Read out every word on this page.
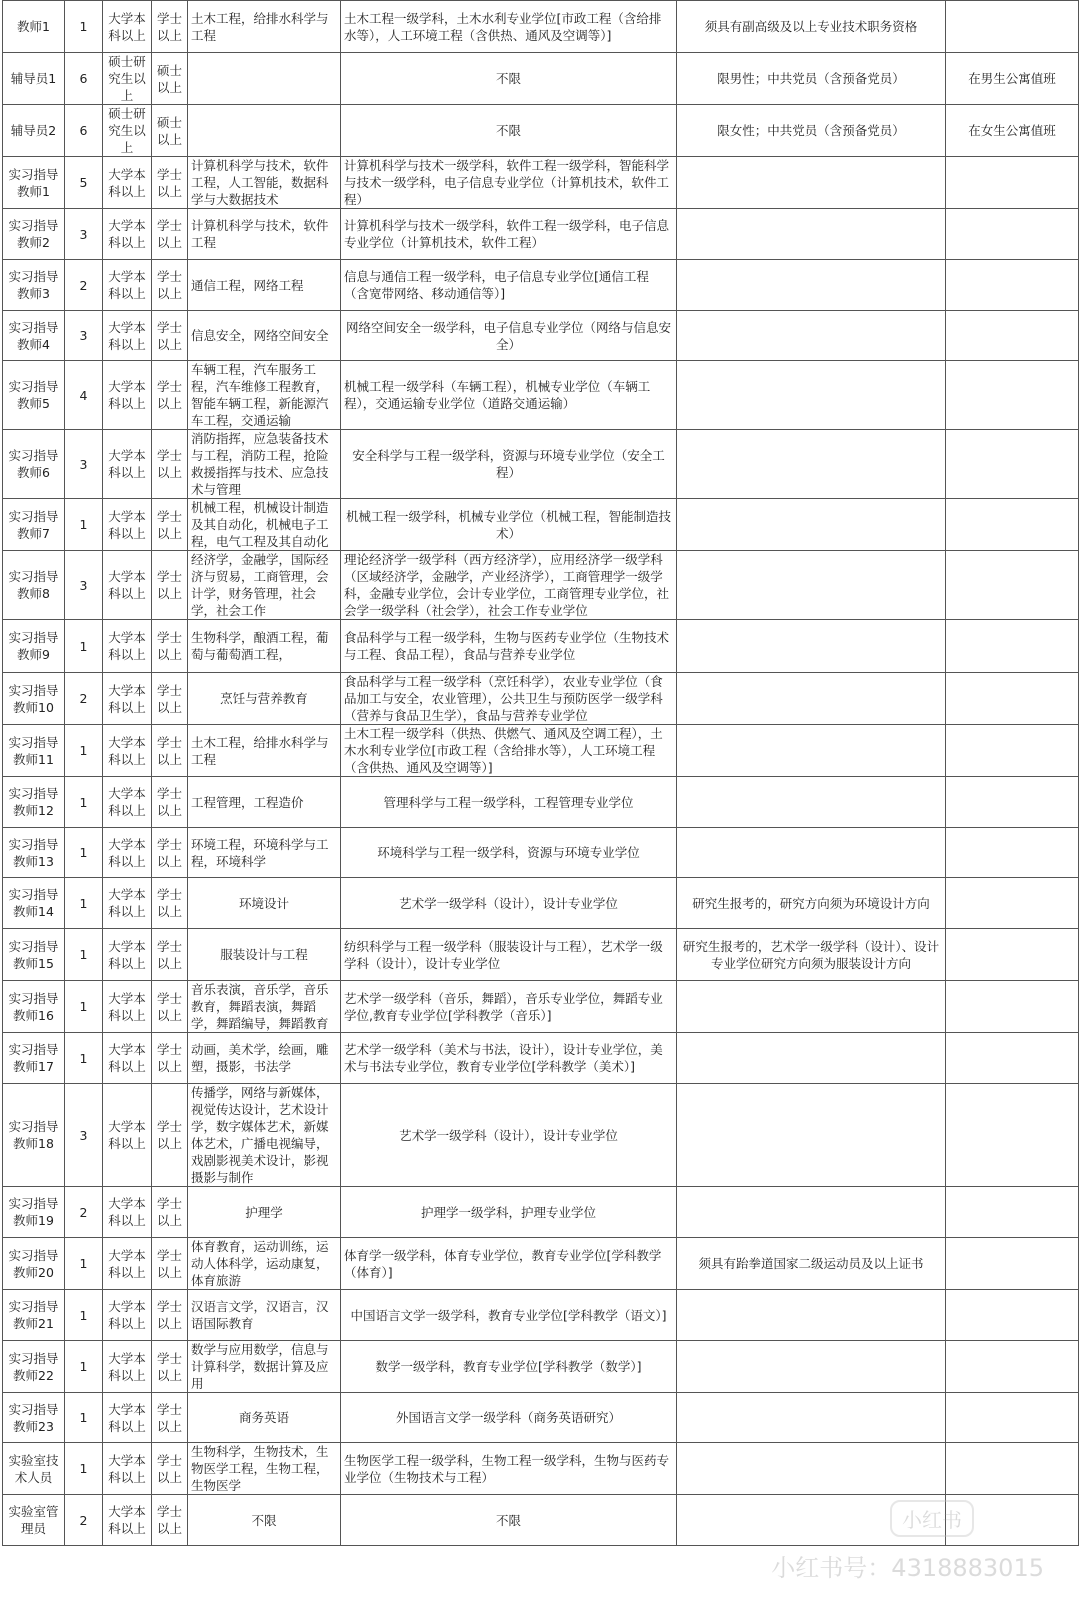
教师1	1	大学本科以上	学士以上	土木工程，给排水科学与工程	土木工程一级学科，土木水利专业学位[市政工程（含给排水等），人工环境工程（含供热、通风及空调等）]	须具有副高级及以上专业技术职务资格	
辅导员1	6	硕士研究生以上	硕士以上		不限	限男性；中共党员（含预备党员）	在男生公寓值班
辅导员2	6	硕士研究生以上	硕士以上		不限	限女性；中共党员（含预备党员）	在女生公寓值班
实习指导教师1	5	大学本科以上	学士以上	计算机科学与技术，软件工程，人工智能，数据科学与大数据技术	计算机科学与技术一级学科，软件工程一级学科，智能科学与技术一级学科，电子信息专业学位（计算机技术，软件工程）		
实习指导教师2	3	大学本科以上	学士以上	计算机科学与技术，软件工程	计算机科学与技术一级学科，软件工程一级学科，电子信息专业学位（计算机技术，软件工程）		
实习指导教师3	2	大学本科以上	学士以上	通信工程，网络工程	信息与通信工程一级学科，电子信息专业学位[通信工程（含宽带网络、移动通信等）]		
实习指导教师4	3	大学本科以上	学士以上	信息安全，网络空间安全	网络空间安全一级学科，电子信息专业学位（网络与信息安全）		
实习指导教师5	4	大学本科以上	学士以上	车辆工程，汽车服务工程，汽车维修工程教育，智能车辆工程，新能源汽车工程，交通运输	机械工程一级学科（车辆工程），机械专业学位（车辆工程），交通运输专业学位（道路交通运输）		
实习指导教师6	3	大学本科以上	学士以上	消防指挥，应急装备技术与工程，消防工程，抢险救援指挥与技术、应急技术与管理	安全科学与工程一级学科，资源与环境专业学位（安全工程）		
实习指导教师7	1	大学本科以上	学士以上	机械工程，机械设计制造及其自动化，机械电子工程，电气工程及其自动化	机械工程一级学科，机械专业学位（机械工程，智能制造技术）		
实习指导教师8	3	大学本科以上	学士以上	经济学，金融学，国际经济与贸易，工商管理，会计学，财务管理，社会学，社会工作	理论经济学一级学科（西方经济学），应用经济学一级学科（区域经济学，金融学，产业经济学），工商管理学一级学科，金融专业学位，会计专业学位，工商管理专业学位，社会学一级学科（社会学），社会工作专业学位		
实习指导教师9	1	大学本科以上	学士以上	生物科学，酿酒工程，葡萄与葡萄酒工程，	食品科学与工程一级学科，生物与医药专业学位（生物技术与工程、食品工程），食品与营养专业学位		
实习指导教师10	2	大学本科以上	学士以上	烹饪与营养教育	食品科学与工程一级学科（烹饪科学），农业专业学位（食品加工与安全，农业管理），公共卫生与预防医学一级学科（营养与食品卫生学），食品与营养专业学位		
实习指导教师11	1	大学本科以上	学士以上	土木工程，给排水科学与工程	土木工程一级学科（供热、供燃气、通风及空调工程），土木水利专业学位[市政工程（含给排水等），人工环境工程（含供热、通风及空调等）]		
实习指导教师12	1	大学本科以上	学士以上	工程管理，工程造价	管理科学与工程一级学科，工程管理专业学位		
实习指导教师13	1	大学本科以上	学士以上	环境工程，环境科学与工程，环境科学	环境科学与工程一级学科，资源与环境专业学位		
实习指导教师14	1	大学本科以上	学士以上	环境设计	艺术学一级学科（设计），设计专业学位	研究生报考的，研究方向须为环境设计方向	
实习指导教师15	1	大学本科以上	学士以上	服装设计与工程	纺织科学与工程一级学科（服装设计与工程），艺术学一级学科（设计），设计专业学位	研究生报考的，艺术学一级学科（设计）、设计专业学位研究方向须为服装设计方向	
实习指导教师16	1	大学本科以上	学士以上	音乐表演，音乐学，音乐教育，舞蹈表演，舞蹈学，舞蹈编导，舞蹈教育	艺术学一级学科（音乐，舞蹈），音乐专业学位，舞蹈专业学位,教育专业学位[学科教学（音乐）]		
实习指导教师17	1	大学本科以上	学士以上	动画，美术学，绘画，雕塑，摄影，书法学	艺术学一级学科（美术与书法，设计），设计专业学位，美术与书法专业学位，教育专业学位[学科教学（美术）]		
实习指导教师18	3	大学本科以上	学士以上	传播学，网络与新媒体，视觉传达设计，艺术设计学，数字媒体艺术，新媒体艺术，广播电视编导，戏剧影视美术设计，影视摄影与制作	艺术学一级学科（设计），设计专业学位		
实习指导教师19	2	大学本科以上	学士以上	护理学	护理学一级学科，护理专业学位		
实习指导教师20	1	大学本科以上	学士以上	体育教育，运动训练，运动人体科学，运动康复，体育旅游	体育学一级学科，体育专业学位，教育专业学位[学科教学（体育）]	须具有跆拳道国家二级运动员及以上证书	
实习指导教师21	1	大学本科以上	学士以上	汉语言文学，汉语言，汉语国际教育	中国语言文学一级学科，教育专业学位[学科教学（语文）]		
实习指导教师22	1	大学本科以上	学士以上	数学与应用数学，信息与计算科学，数据计算及应用	数学一级学科，教育专业学位[学科教学（数学）]		
实习指导教师23	1	大学本科以上	学士以上	商务英语	外国语言文学一级学科（商务英语研究）		
实验室技术人员	1	大学本科以上	学士以上	生物科学，生物技术，生物医学工程，生物工程，生物医学	生物医学工程一级学科，生物工程一级学科，生物与医药专业学位（生物技术与工程）		
实验室管理员	2	大学本科以上	学士以上	不限	不限			小红书
小红书号：4318883015
